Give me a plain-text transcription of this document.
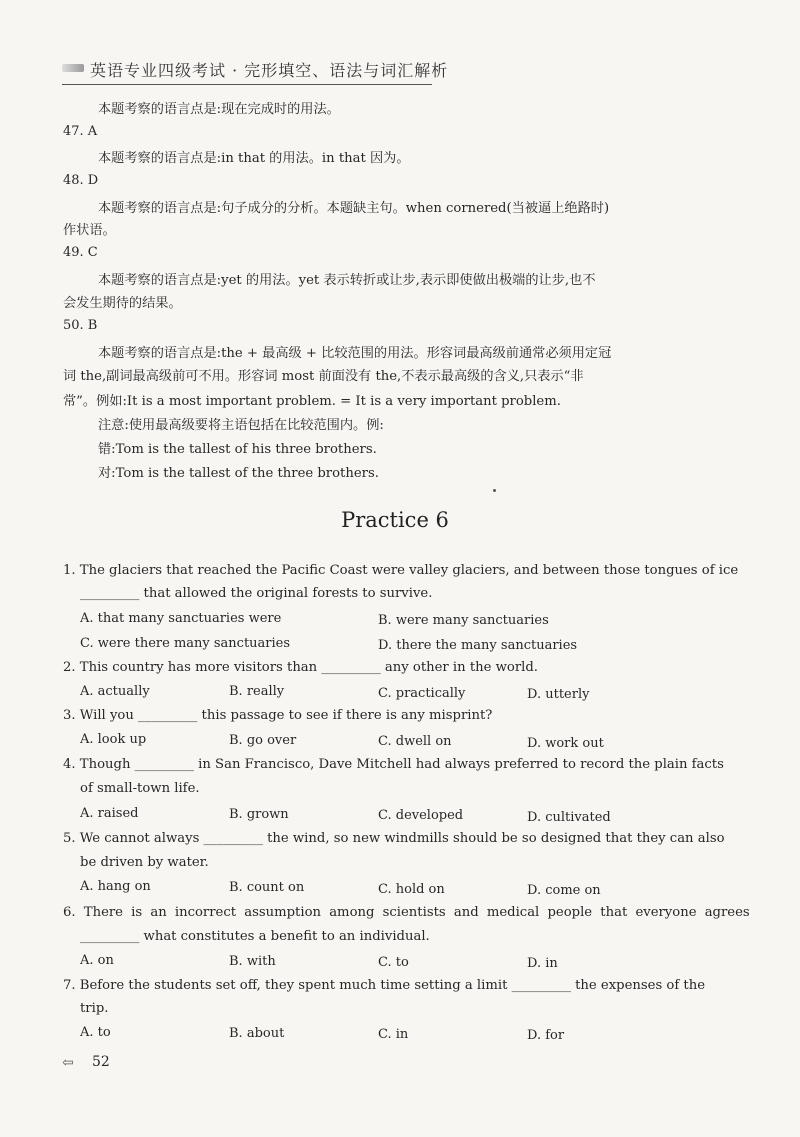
英语专业四级考试 · 完形填空、语法与词汇解析
本题考察的语言点是:现在完成时的用法。
47. A
本题考察的语言点是:in that 的用法。in that 因为。
48. D
本题考察的语言点是:句子成分的分析。本题缺主句。when cornered(当被逼上绝路时)
作状语。
49. C
本题考察的语言点是:yet 的用法。yet 表示转折或让步,表示即使做出极端的让步,也不
会发生期待的结果。
50. B
本题考察的语言点是:the + 最高级 + 比较范围的用法。形容词最高级前通常必须用定冠
词 the,副词最高级前可不用。形容词 most 前面没有 the,不表示最高级的含义,只表示“非
常”。例如:It is a most important problem. = It is a very important problem.
注意:使用最高级要将主语包括在比较范围内。例:
错:Tom is the tallest of his three brothers.
对:Tom is the tallest of the three brothers.
Practice 6
1. The glaciers that reached the Pacific Coast were valley glaciers, and between those tongues of ice
_________ that allowed the original forests to survive.
A. that many sanctuaries were	B. were many sanctuaries
C. were there many sanctuaries	D. there the many sanctuaries
2. This country has more visitors than _________ any other in the world.
A. actually	B. really	C. practically	D. utterly
3. Will you _________ this passage to see if there is any misprint?
A. look up	B. go over	C. dwell on	D. work out
4. Though _________ in San Francisco, Dave Mitchell had always preferred to record the plain facts
of small-town life.
A. raised	B. grown	C. developed	D. cultivated
5. We cannot always _________ the wind, so new windmills should be so designed that they can also
be driven by water.
A. hang on	B. count on	C. hold on	D. come on
6. There is an incorrect assumption among scientists and medical people that everyone agrees
_________ what constitutes a benefit to an individual.
A. on	B. with	C. to	D. in
7. Before the students set off, they spent much time setting a limit _________ the expenses of the
trip.
A. to	B. about	C. in	D. for
⇦ 52
